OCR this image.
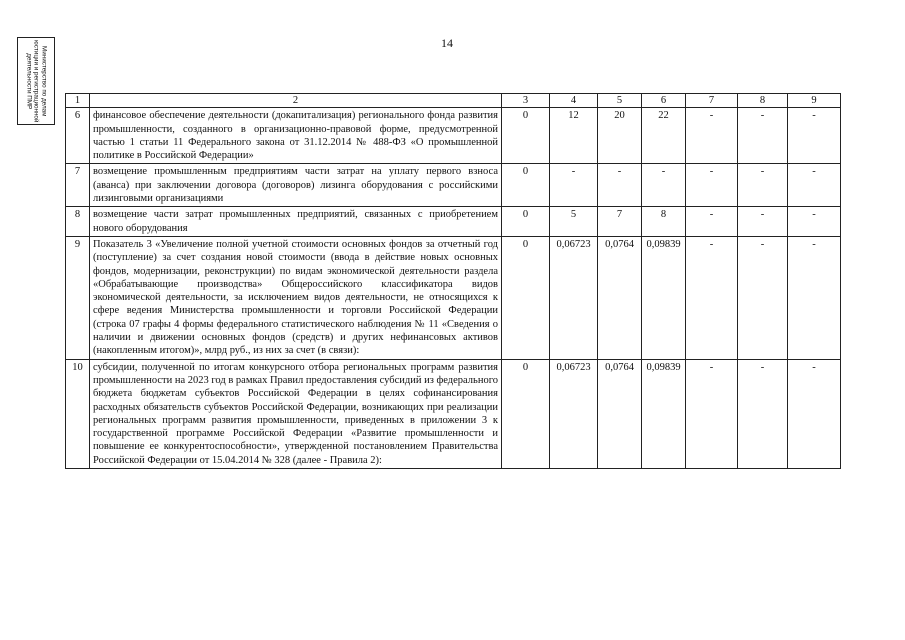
Министерство по делам
юстиции и регистрационной
деятельности ПМР
14
1	2	3	4	5	6	7	8	9
6	финансовое обеспечение деятельности (докапитализация) регионального фонда развития промышленности, созданного в организационно-правовой форме, предусмотренной частью 1 статьи 11 Федерального закона от 31.12.2014 № 488-ФЗ «О промышленной политике в Российской Федерации»	0	12	20	22	-	-	-
7	возмещение промышленным предприятиям части затрат на уплату первого взноса (аванса) при заключении договора (договоров) лизинга оборудования с российскими лизинговыми организациями	0	-	-	-	-	-	-
8	возмещение части затрат промышленных предприятий, связанных с приобретением нового оборудования	0	5	7	8	-	-	-
9	Показатель 3 «Увеличение полной учетной стоимости основных фондов за отчетный год (поступление) за счет создания новой стоимости (ввода в действие новых основных фондов, модернизации, реконструкции) по видам экономической деятельности раздела «Обрабатывающие производства» Общероссийского классификатора видов экономической деятельности, за исключением видов деятельности, не относящихся к сфере ведения Министерства промышленности и торговли Российской Федерации (строка 07 графы 4 формы федерального статистического наблюдения № 11 «Сведения о наличии и движении основных фондов (средств) и других нефинансовых активов (накопленным итогом)», млрд руб., из них за счет (в связи):	0	0,06723	0,0764	0,09839	-	-	-
10	субсидии, полученной по итогам конкурсного отбора региональных программ развития промышленности на 2023 год в рамках Правил предоставления субсидий из федерального бюджета бюджетам субъектов Российской Федерации в целях софинансирования расходных обязательств субъектов Российской Федерации, возникающих при реализации региональных программ развития промышленности, приведенных в приложении 3 к государственной программе Российской Федерации «Развитие промышленности и повышение ее конкурентоспособности», утвержденной постановлением Правительства Российской Федерации от 15.04.2014 № 328 (далее - Правила 2):	0	0,06723	0,0764	0,09839	-	-	-
